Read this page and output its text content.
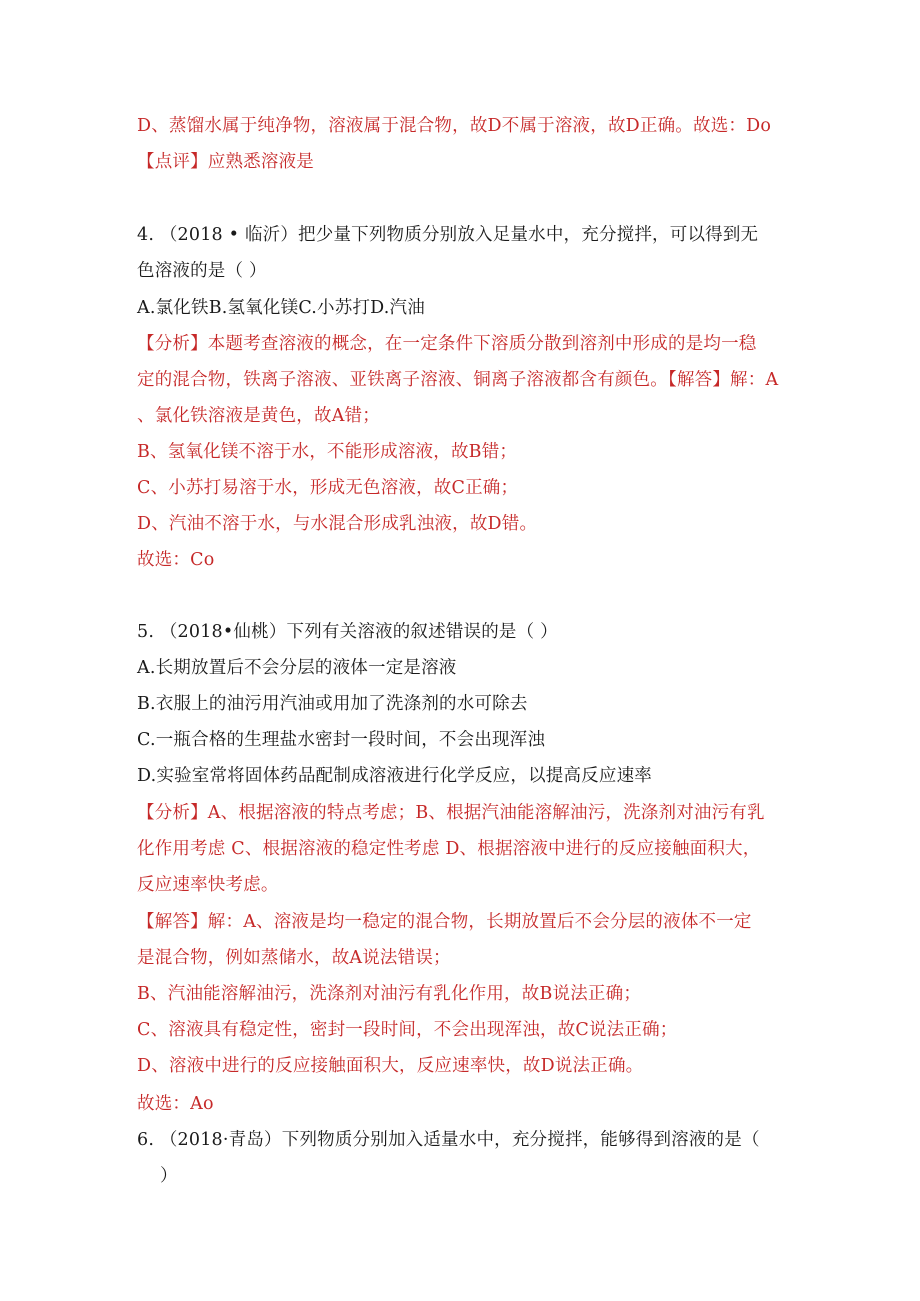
D、蒸馏水属于纯净物，溶液属于混合物，故D不属于溶液，故D正确。故选：Do
【点评】应熟悉溶液是
4. （2018 • 临沂）把少量下列物质分别放入足量水中，充分搅拌，可以得到无
色溶液的是（ ）
A.氯化铁B.氢氧化镁C.小苏打D.汽油
【分析】本题考查溶液的概念，在一定条件下溶质分散到溶剂中形成的是均一稳
定的混合物，铁离子溶液、亚铁离子溶液、铜离子溶液都含有颜色。【解答】解：A
、氯化铁溶液是黄色，故A错；
B、氢氧化镁不溶于水，不能形成溶液，故B错；
C、小苏打易溶于水，形成无色溶液，故C正确；
D、汽油不溶于水，与水混合形成乳浊液，故D错。
故选：Co
5. （2018•仙桃）下列有关溶液的叙述错误的是（ ）
A.长期放置后不会分层的液体一定是溶液
B.衣服上的油污用汽油或用加了洗涤剂的水可除去
C.一瓶合格的生理盐水密封一段时间，不会出现浑浊
D.实验室常将固体药品配制成溶液进行化学反应，以提高反应速率
【分析】A、根据溶液的特点考虑；B、根据汽油能溶解油污，洗涤剂对油污有乳
化作用考虑 C、根据溶液的稳定性考虑 D、根据溶液中进行的反应接触面积大，
反应速率快考虑。
【解答】解：A、溶液是均一稳定的混合物，长期放置后不会分层的液体不一定
是混合物，例如蒸储水，故A说法错误；
B、汽油能溶解油污，洗涤剂对油污有乳化作用，故B说法正确；
C、溶液具有稳定性，密封一段时间，不会出现浑浊，故C说法正确；
D、溶液中进行的反应接触面积大，反应速率快，故D说法正确。
故选：Ao
6. （2018·青岛）下列物质分别加入适量水中，充分搅拌，能够得到溶液的是（
）
